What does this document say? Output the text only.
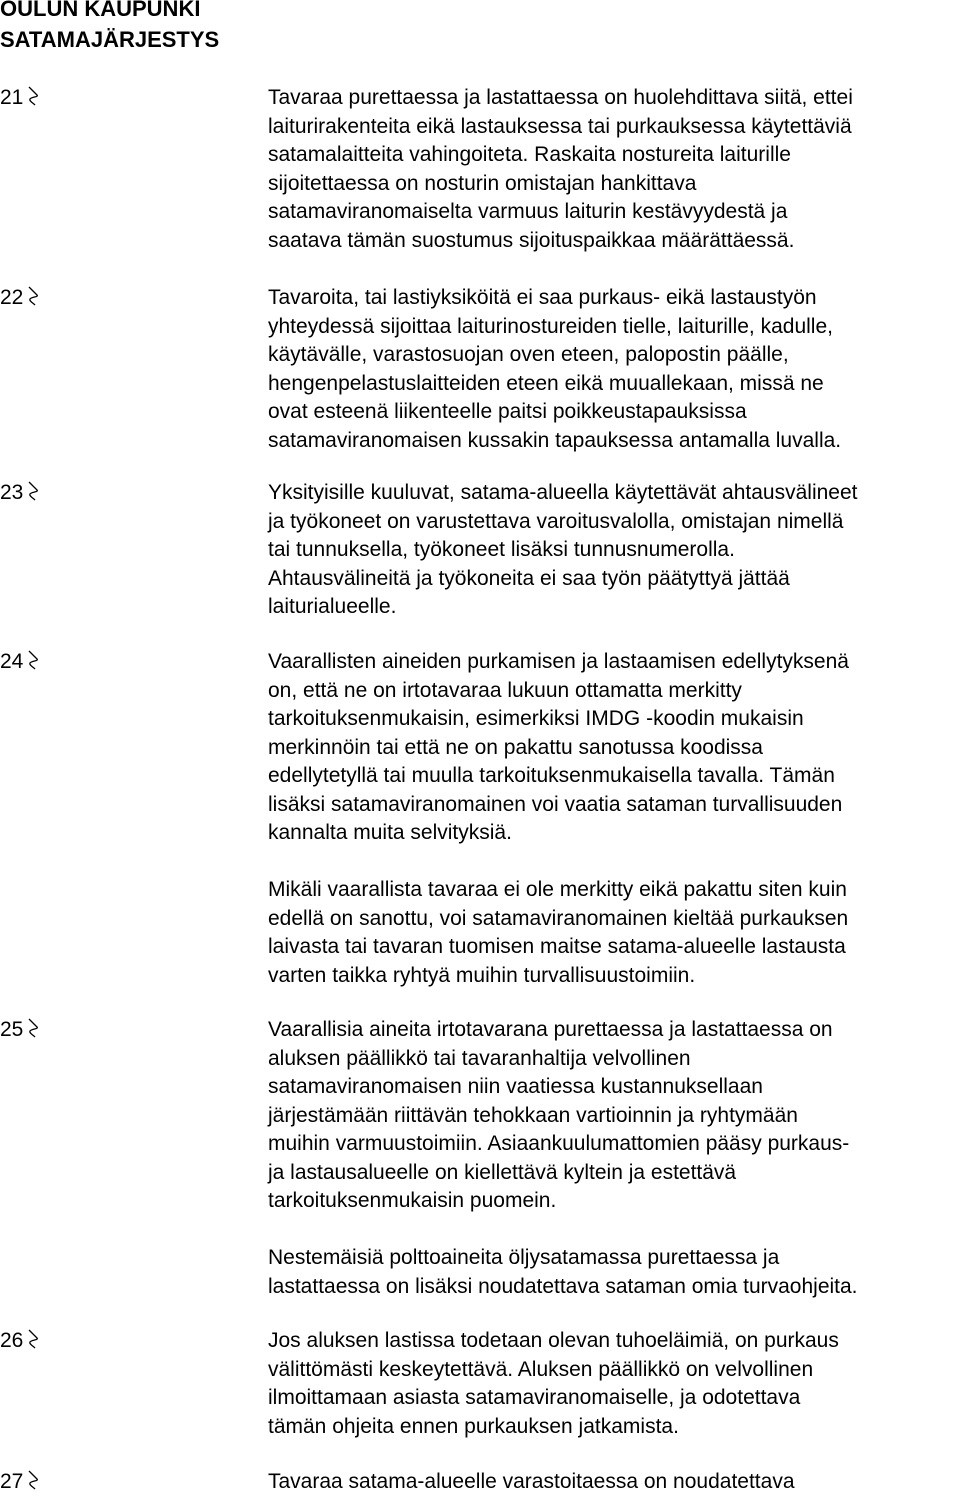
OULUN KAUPUNKI
SATAMAJÄRJESTYS
21	Tavaraa purettaessa ja lastattaessa on huolehdittava siitä, ettei
laiturirakenteita eikä lastauksessa tai purkauksessa käytettäviä
satamalaitteita vahingoiteta. Raskaita nostureita laiturille
sijoitettaessa on nosturin omistajan hankittava
satamaviranomaiselta varmuus laiturin kestävyydestä ja
saatava tämän suostumus sijoituspaikkaa määrättäessä.

22	Tavaroita, tai lastiyksiköitä ei saa purkaus- eikä lastaustyön
yhteydessä sijoittaa laiturinostureiden tielle, laiturille, kadulle,
käytävälle, varastosuojan oven eteen, palopostin päälle,
hengenpelastuslaitteiden eteen eikä muuallekaan, missä ne
ovat esteenä liikenteelle paitsi poikkeustapauksissa
satamaviranomaisen kussakin tapauksessa antamalla luvalla.

23	Yksityisille kuuluvat, satama-alueella käytettävät ahtausvälineet
ja työkoneet on varustettava varoitusvalolla, omistajan nimellä
tai tunnuksella, työkoneet lisäksi tunnusnumerolla.
Ahtausvälineitä ja työkoneita ei saa työn päätyttyä jättää
laiturialueelle.

24	Vaarallisten aineiden purkamisen ja lastaamisen edellytyksenä
on, että ne on irtotavaraa lukuun ottamatta merkitty
tarkoituksenmukaisin, esimerkiksi IMDG -koodin mukaisin
merkinnöin tai että ne on pakattu sanotussa koodissa
edellytetyllä tai muulla tarkoituksenmukaisella tavalla. Tämän
lisäksi satamaviranomainen voi vaatia sataman turvallisuuden
kannalta muita selvityksiä.

Mikäli vaarallista tavaraa ei ole merkitty eikä pakattu siten kuin
edellä on sanottu, voi satamaviranomainen kieltää purkauksen
laivasta tai tavaran tuomisen maitse satama-alueelle lastausta
varten taikka ryhtyä muihin turvallisuustoimiin.

25	Vaarallisia aineita irtotavarana purettaessa ja lastattaessa on
aluksen päällikkö tai tavaranhaltija velvollinen
satamaviranomaisen niin vaatiessa kustannuksellaan
järjestämään riittävän tehokkaan vartioinnin ja ryhtymään
muihin varmuustoimiin. Asiaankuulumattomien pääsy purkaus-
ja lastausalueelle on kiellettävä kyltein ja estettävä
tarkoituksenmukaisin puomein.

Nestemäisiä polttoaineita öljysatamassa purettaessa ja
lastattaessa on lisäksi noudatettava sataman omia turvaohjeita.

26	Jos aluksen lastissa todetaan olevan tuhoeläimiä, on purkaus
välittömästi keskeytettävä. Aluksen päällikkö on velvollinen
ilmoittamaan asiasta satamaviranomaiselle, ja odotettava
tämän ohjeita ennen purkauksen jatkamista.

27	Tavaraa satama-alueelle varastoitaessa on noudatettava
